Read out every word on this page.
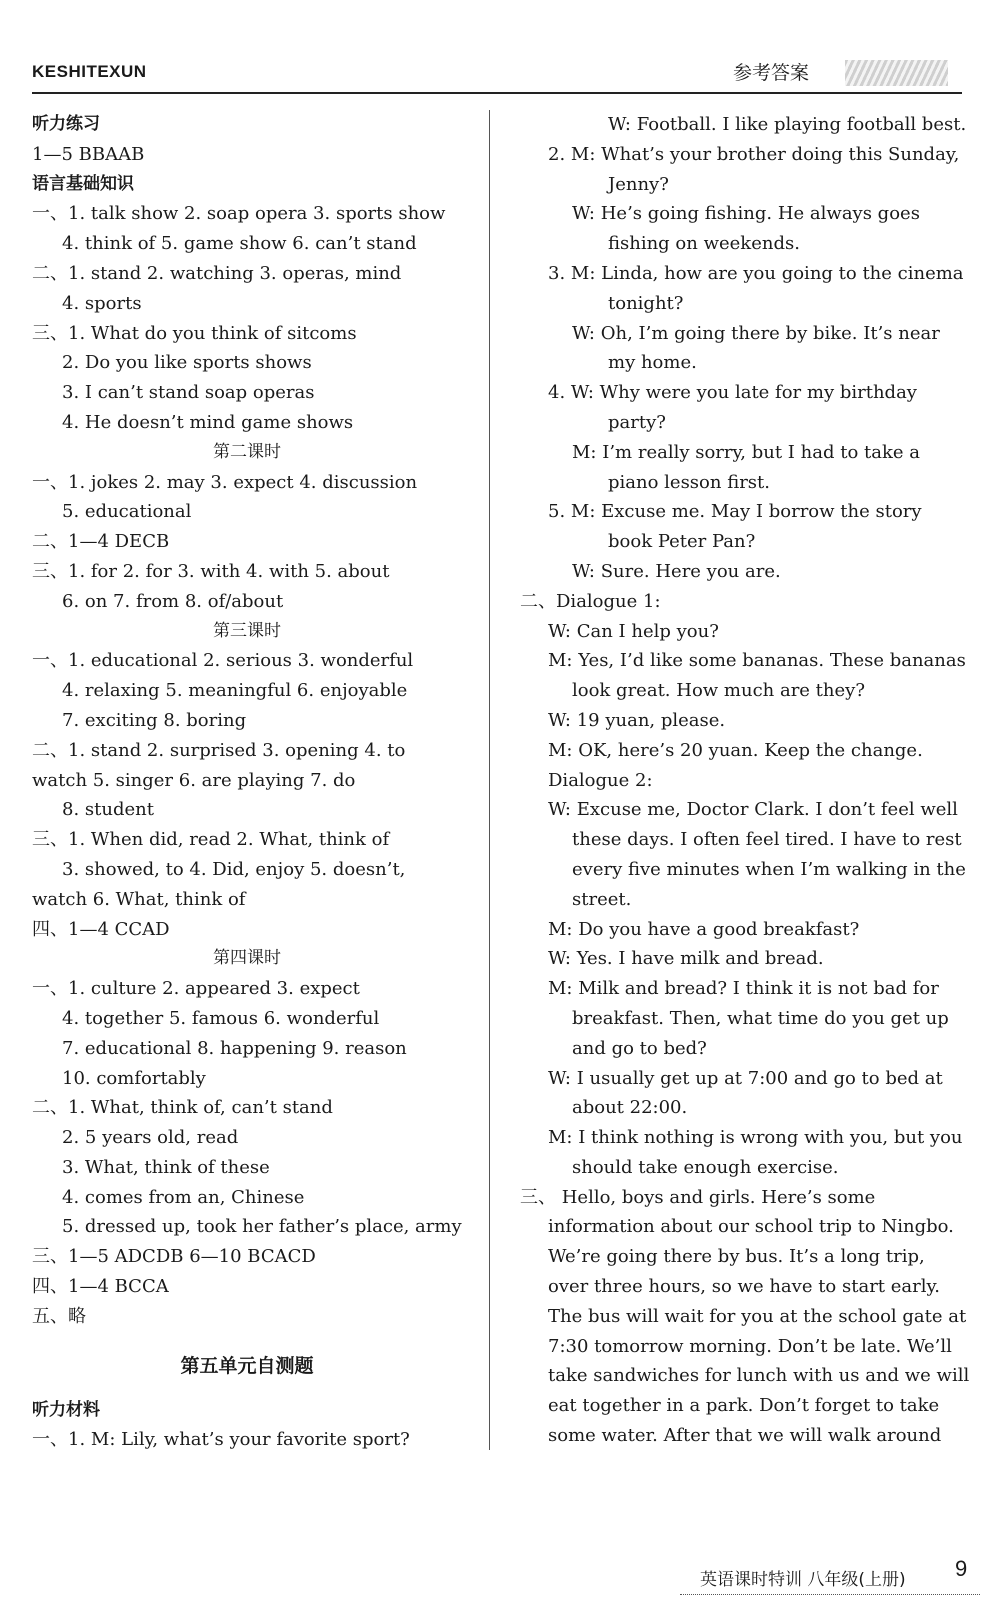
KESHITEXUN	参考答案
听力练习
1—5 BBAAB
语言基础知识
一、1. talk show 2. soap opera 3. sports show
4. think of 5. game show 6. can’t stand
二、1. stand 2. watching 3. operas, mind
4. sports
三、1. What do you think of sitcoms
2. Do you like sports shows
3. I can’t stand soap operas
4. He doesn’t mind game shows
第二课时
一、1. jokes 2. may 3. expect 4. discussion
5. educational
二、1—4 DECB
三、1. for 2. for 3. with 4. with 5. about
6. on 7. from 8. of/about
第三课时
一、1. educational 2. serious 3. wonderful
4. relaxing 5. meaningful 6. enjoyable
7. exciting 8. boring
二、1. stand 2. surprised 3. opening 4. to
watch 5. singer 6. are playing 7. do
8. student
三、1. When did, read 2. What, think of
3. showed, to 4. Did, enjoy 5. doesn’t,
watch 6. What, think of
四、1—4 CCAD
第四课时
一、1. culture 2. appeared 3. expect
4. together 5. famous 6. wonderful
7. educational 8. happening 9. reason
10. comfortably
二、1. What, think of, can’t stand
2. 5 years old, read
3. What, think of these
4. comes from an, Chinese
5. dressed up, took her father’s place, army
三、1—5 ADCDB 6—10 BCACD
四、1—4 BCCA
五、略
第五单元自测题
听力材料
一、1. M: Lily, what’s your favorite sport?
W: Football. I like playing football best.
2. M: What’s your brother doing this Sunday,
Jenny?
W: He’s going fishing. He always goes
fishing on weekends.
3. M: Linda, how are you going to the cinema
tonight?
W: Oh, I’m going there by bike. It’s near
my home.
4. W: Why were you late for my birthday
party?
M: I’m really sorry, but I had to take a
piano lesson first.
5. M: Excuse me. May I borrow the story
book Peter Pan?
W: Sure. Here you are.
二、Dialogue 1:
W: Can I help you?
M: Yes, I’d like some bananas. These bananas
look great. How much are they?
W: 19 yuan, please.
M: OK, here’s 20 yuan. Keep the change.
Dialogue 2:
W: Excuse me, Doctor Clark. I don’t feel well
these days. I often feel tired. I have to rest
every five minutes when I’m walking in the
street.
M: Do you have a good breakfast?
W: Yes. I have milk and bread.
M: Milk and bread? I think it is not bad for
breakfast. Then, what time do you get up
and go to bed?
W: I usually get up at 7:00 and go to bed at
about 22:00.
M: I think nothing is wrong with you, but you
should take enough exercise.
三、 Hello, boys and girls. Here’s some
information about our school trip to Ningbo.
We’re going there by bus. It’s a long trip,
over three hours, so we have to start early.
The bus will wait for you at the school gate at
7:30 tomorrow morning. Don’t be late. We’ll
take sandwiches for lunch with us and we will
eat together in a park. Don’t forget to take
some water. After that we will walk around
英语课时特训 八年级(上册) 9
